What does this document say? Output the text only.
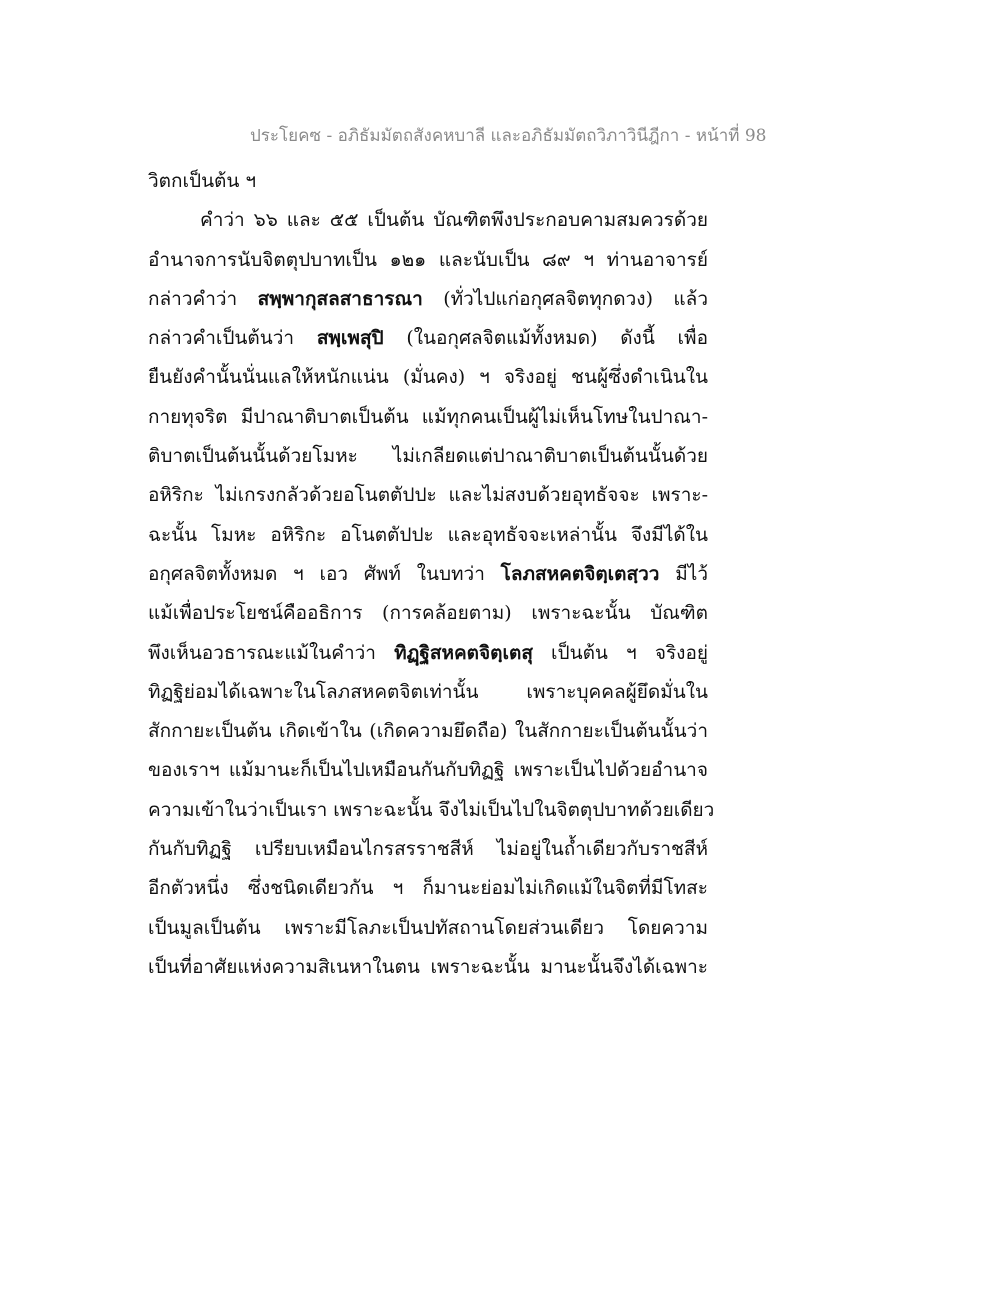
ประโยคซ - อภิธัมมัตถสังคหบาลี และอภิธัมมัตถวิภาวินีฎีกา - หน้าที่ 98
วิตกเป็นต้น ฯ
คำว่า ๖๖ และ ๕๕ เป็นต้น บัณฑิตพึงประกอบคามสมควรด้วย
อำนาจการนับจิตตุปบาทเป็น ๑๒๑ และนับเป็น ๘๙ ฯ ท่านอาจารย์
กล่าวคำว่า สพฺพากุสลสาธารณา (ทั่วไปแก่อกุศลจิตทุกดวง) แล้ว
กล่าวคำเป็นต้นว่า สพฺเพสุปิ (ในอกุศลจิตแม้ทั้งหมด) ดังนี้ เพื่อ
ยืนยังคำนั้นนั่นแลให้หนักแน่น (มั่นคง) ฯ จริงอยู่ ชนผู้ซึ่งดำเนินใน
กายทุจริต มีปาณาติบาตเป็นต้น แม้ทุกคนเป็นผู้ไม่เห็นโทษในปาณา-
ติบาตเป็นต้นนั้นด้วยโมหะ ไม่เกลียดแต่ปาณาติบาตเป็นต้นนั้นด้วย
อหิริกะ ไม่เกรงกลัวด้วยอโนตตัปปะ และไม่สงบด้วยอุทธัจจะ เพราะ-
ฉะนั้น โมหะ อหิริกะ อโนตตัปปะ และอุทธัจจะเหล่านั้น จึงมีได้ใน
อกุศลจิตทั้งหมด ฯ เอว ศัพท์ ในบทว่า โลภสหคตจิตฺเตสฺวว มีไว้
แม้เพื่อประโยชน์คืออธิการ (การคล้อยตาม) เพราะฉะนั้น บัณฑิต
พึงเห็นอวธารณะแม้ในคำว่า ทิฏฺฐิสหคตจิตฺเตสุ เป็นต้น ฯ จริงอยู่
ทิฏฐิย่อมได้เฉพาะในโลภสหคตจิตเท่านั้น เพราะบุคคลผู้ยึดมั่นใน
สักกายะเป็นต้น เกิดเข้าใน (เกิดความยึดถือ) ในสักกายะเป็นต้นนั้นว่า
ของเราฯ แม้มานะก็เป็นไปเหมือนกันกับทิฏฐิ เพราะเป็นไปด้วยอำนาจ
ความเข้าในว่าเป็นเรา เพราะฉะนั้น จึงไม่เป็นไปในจิตตุปบาทด้วยเดียว
กันกับทิฏฐิ เปรียบเหมือนไกรสรราชสีห์ ไม่อยู่ในถ้ำเดียวกับราชสีห์
อีกตัวหนึ่ง ซึ่งชนิดเดียวกัน ฯ ก็มานะย่อมไม่เกิดแม้ในจิตที่มีโทสะ
เป็นมูลเป็นต้น เพราะมีโลภะเป็นปทัสถานโดยส่วนเดียว โดยความ
เป็นที่อาศัยแห่งความสิเนหาในตน เพราะฉะนั้น มานะนั้นจึงได้เฉพาะ
